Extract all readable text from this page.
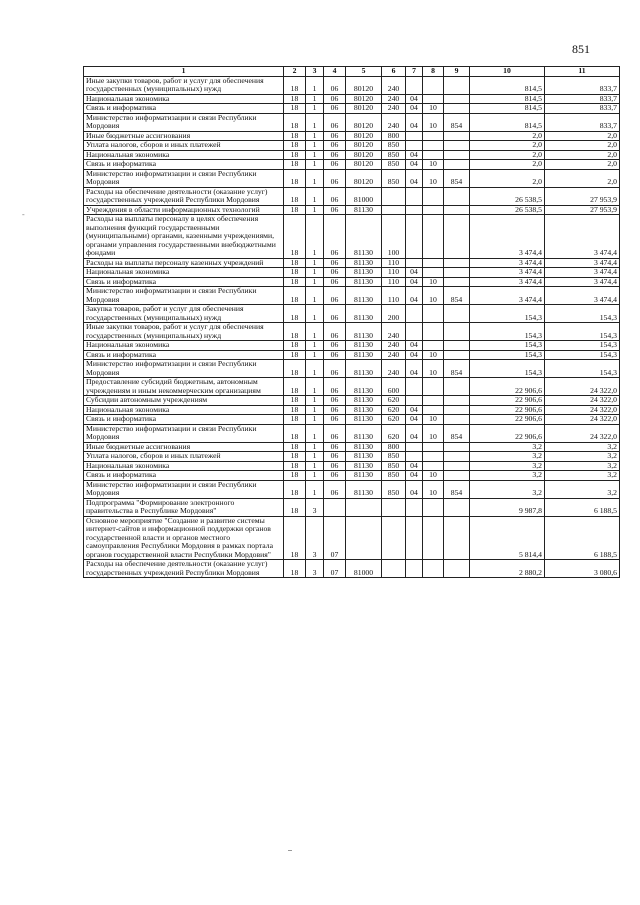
851
-
1	2	3	4	5	6	7	8	9	10	11
Иные закупки товаров, работ и услуг для обеспечения государственных (муниципальных) нужд	18	1	06	80120	240				814,5	833,7
Национальная экономика	18	1	06	80120	240	04			814,5	833,7
Связь и информатика	18	1	06	80120	240	04	10		814,5	833,7
Министерство информатизации и связи Республики Мордовия	18	1	06	80120	240	04	10	854	814,5	833,7
Иные бюджетные ассигнования	18	1	06	80120	800				2,0	2,0
Уплата налогов, сборов и иных платежей	18	1	06	80120	850				2,0	2,0
Национальная экономика	18	1	06	80120	850	04			2,0	2,0
Связь и информатика	18	1	06	80120	850	04	10		2,0	2,0
Министерство информатизации и связи Республики Мордовия	18	1	06	80120	850	04	10	854	2,0	2,0
Расходы на обеспечение деятельности (оказание услуг) государственных учреждений Республики Мордовия	18	1	06	81000					26 538,5	27 953,9
Учреждения в области информационных технологий	18	1	06	81130					26 538,5	27 953,9
Расходы на выплаты персоналу в целях обеспечения выполнения функций государственными (муниципальными) органами, казенными учреждениями, органами управления государственными внебюджетными фондами	18	1	06	81130	100				3 474,4	3 474,4
Расходы на выплаты персоналу казенных учреждений	18	1	06	81130	110				3 474,4	3 474,4
Национальная экономика	18	1	06	81130	110	04			3 474,4	3 474,4
Связь и информатика	18	1	06	81130	110	04	10		3 474,4	3 474,4
Министерство информатизации и связи Республики Мордовия	18	1	06	81130	110	04	10	854	3 474,4	3 474,4
Закупка товаров, работ и услуг для обеспечения государственных (муниципальных) нужд	18	1	06	81130	200				154,3	154,3
Иные закупки товаров, работ и услуг для обеспечения государственных (муниципальных) нужд	18	1	06	81130	240				154,3	154,3
Национальная экономика	18	1	06	81130	240	04			154,3	154,3
Связь и информатика	18	1	06	81130	240	04	10		154,3	154,3
Министерство информатизации и связи Республики Мордовия	18	1	06	81130	240	04	10	854	154,3	154,3
Предоставление субсидий бюджетным, автономным учреждениям и иным некоммерческим организациям	18	1	06	81130	600				22 906,6	24 322,0
Субсидии автономным учреждениям	18	1	06	81130	620				22 906,6	24 322,0
Национальная экономика	18	1	06	81130	620	04			22 906,6	24 322,0
Связь и информатика	18	1	06	81130	620	04	10		22 906,6	24 322,0
Министерство информатизации и связи Республики Мордовия	18	1	06	81130	620	04	10	854	22 906,6	24 322,0
Иные бюджетные ассигнования	18	1	06	81130	800				3,2	3,2
Уплата налогов, сборов и иных платежей	18	1	06	81130	850				3,2	3,2
Национальная экономика	18	1	06	81130	850	04			3,2	3,2
Связь и информатика	18	1	06	81130	850	04	10		3,2	3,2
Министерство информатизации и связи Республики Мордовия	18	1	06	81130	850	04	10	854	3,2	3,2
Подпрограмма "Формирование электронного правительства в Республике Мордовия"	18	3							9 987,8	6 188,5
Основное мероприятие "Создание и развитие системы интернет-сайтов и информационной поддержки органов государственной власти и органов местного самоуправления Республики Мордовия в рамках портала органов государственной власти Республики Мордовия"	18	3	07						5 814,4	6 188,5
Расходы на обеспечение деятельности (оказание услуг) государственных учреждений Республики Мордовия	18	3	07	81000					2 880,2	3 080,6
